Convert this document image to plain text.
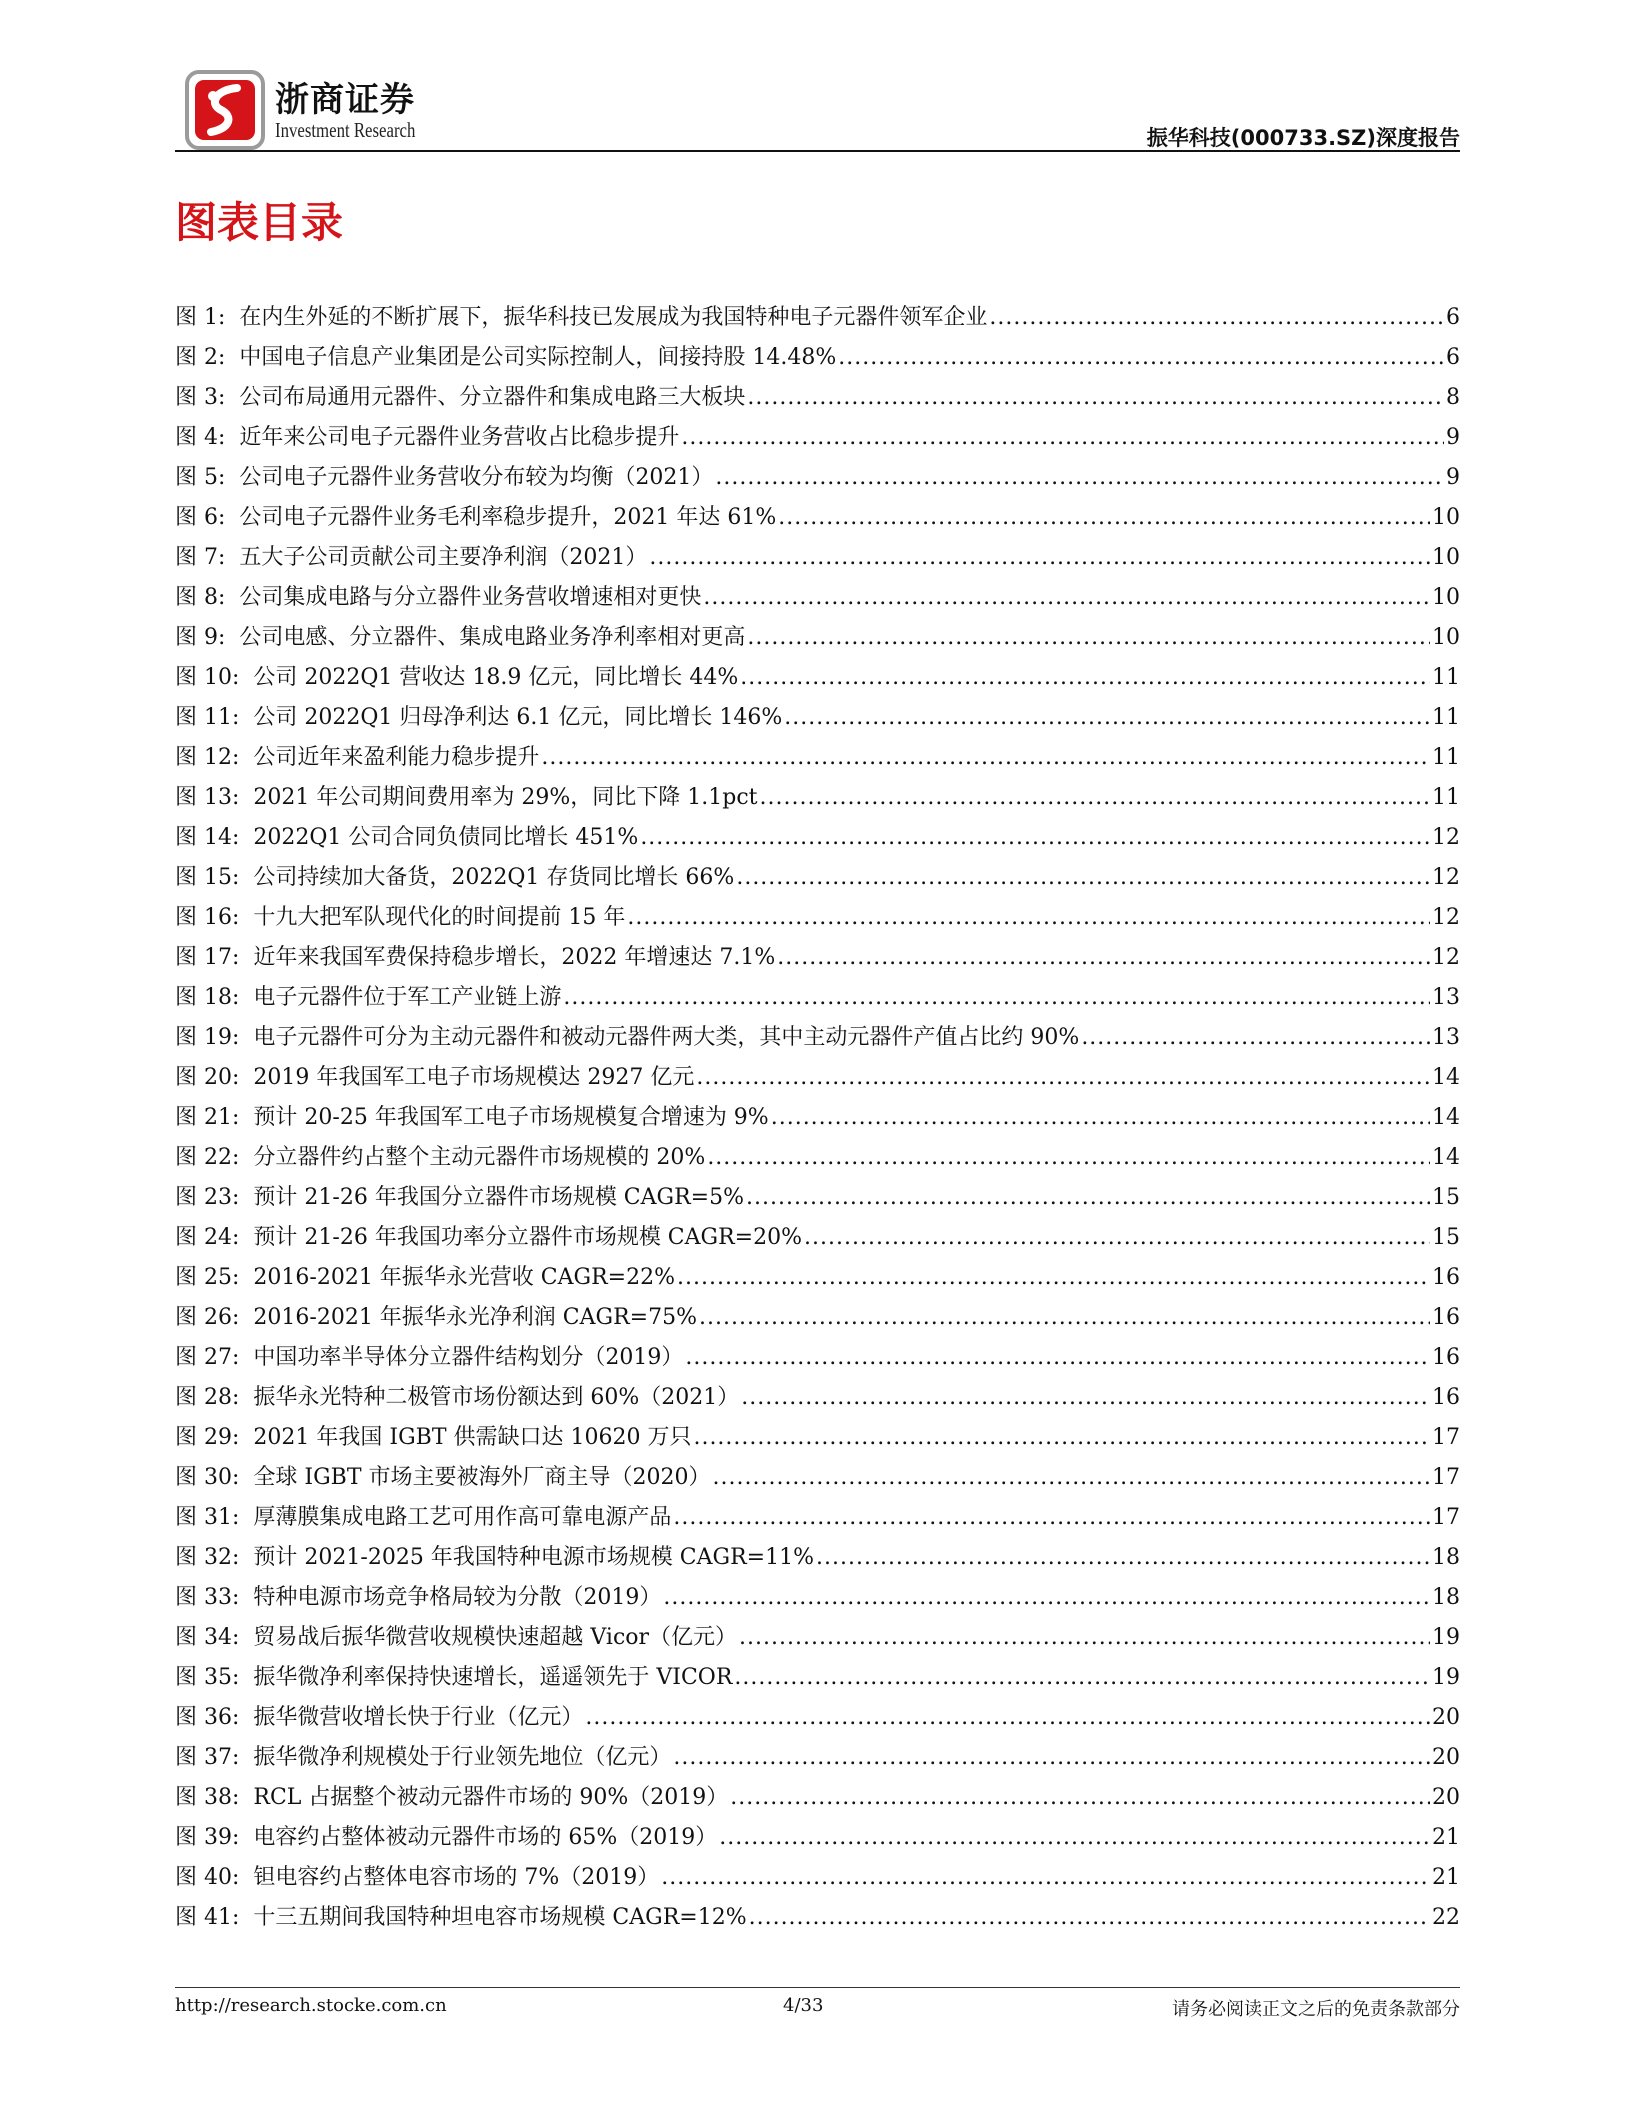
浙商证券
Investment Research	振华科技(000733.SZ)深度报告
图表目录
图 1: 在内生外延的不断扩展下，振华科技已发展成为我国特种电子元器件领军企业 .....	6
图 2: 中国电子信息产业集团是公司实际控制人，间接持股 14.48% .....	6
图 3: 公司布局通用元器件、分立器件和集成电路三大板块 .....	8
图 4: 近年来公司电子元器件业务营收占比稳步提升 .....	9
图 5: 公司电子元器件业务营收分布较为均衡（2021） .....	9
图 6: 公司电子元器件业务毛利率稳步提升，2021 年达 61% .....	10
图 7: 五大子公司贡献公司主要净利润（2021） .....	10
图 8: 公司集成电路与分立器件业务营收增速相对更快 .....	10
图 9: 公司电感、分立器件、集成电路业务净利率相对更高 .....	10
图 10: 公司 2022Q1 营收达 18.9 亿元，同比增长 44% .....	11
图 11: 公司 2022Q1 归母净利达 6.1 亿元，同比增长 146% .....	11
图 12: 公司近年来盈利能力稳步提升 .....	11
图 13: 2021 年公司期间费用率为 29%，同比下降 1.1pct .....	11
图 14: 2022Q1 公司合同负债同比增长 451% .....	12
图 15: 公司持续加大备货，2022Q1 存货同比增长 66% .....	12
图 16: 十九大把军队现代化的时间提前 15 年 .....	12
图 17: 近年来我国军费保持稳步增长，2022 年增速达 7.1% .....	12
图 18: 电子元器件位于军工产业链上游 .....	13
图 19: 电子元器件可分为主动元器件和被动元器件两大类，其中主动元器件产值占比约 90% .....	13
图 20: 2019 年我国军工电子市场规模达 2927 亿元 .....	14
图 21: 预计 20-25 年我国军工电子市场规模复合增速为 9% .....	14
图 22: 分立器件约占整个主动元器件市场规模的 20% .....	14
图 23: 预计 21-26 年我国分立器件市场规模 CAGR=5% .....	15
图 24: 预计 21-26 年我国功率分立器件市场规模 CAGR=20% .....	15
图 25: 2016-2021 年振华永光营收 CAGR=22% .....	16
图 26: 2016-2021 年振华永光净利润 CAGR=75% .....	16
图 27: 中国功率半导体分立器件结构划分（2019） .....	16
图 28: 振华永光特种二极管市场份额达到 60%（2021） .....	16
图 29: 2021 年我国 IGBT 供需缺口达 10620 万只 .....	17
图 30: 全球 IGBT 市场主要被海外厂商主导（2020） .....	17
图 31: 厚薄膜集成电路工艺可用作高可靠电源产品 .....	17
图 32: 预计 2021-2025 年我国特种电源市场规模 CAGR=11% .....	18
图 33: 特种电源市场竞争格局较为分散（2019） .....	18
图 34: 贸易战后振华微营收规模快速超越 Vicor（亿元） .....	19
图 35: 振华微净利率保持快速增长，遥遥领先于 VICOR .....	19
图 36: 振华微营收增长快于行业（亿元） .....	20
图 37: 振华微净利规模处于行业领先地位（亿元） .....	20
图 38: RCL 占据整个被动元器件市场的 90%（2019） .....	20
图 39: 电容约占整体被动元器件市场的 65%（2019） .....	21
图 40: 钽电容约占整体电容市场的 7%（2019） .....	21
图 41: 十三五期间我国特种坦电容市场规模 CAGR=12% .....	22
http://research.stocke.com.cn	4/33	请务必阅读正文之后的免责条款部分
